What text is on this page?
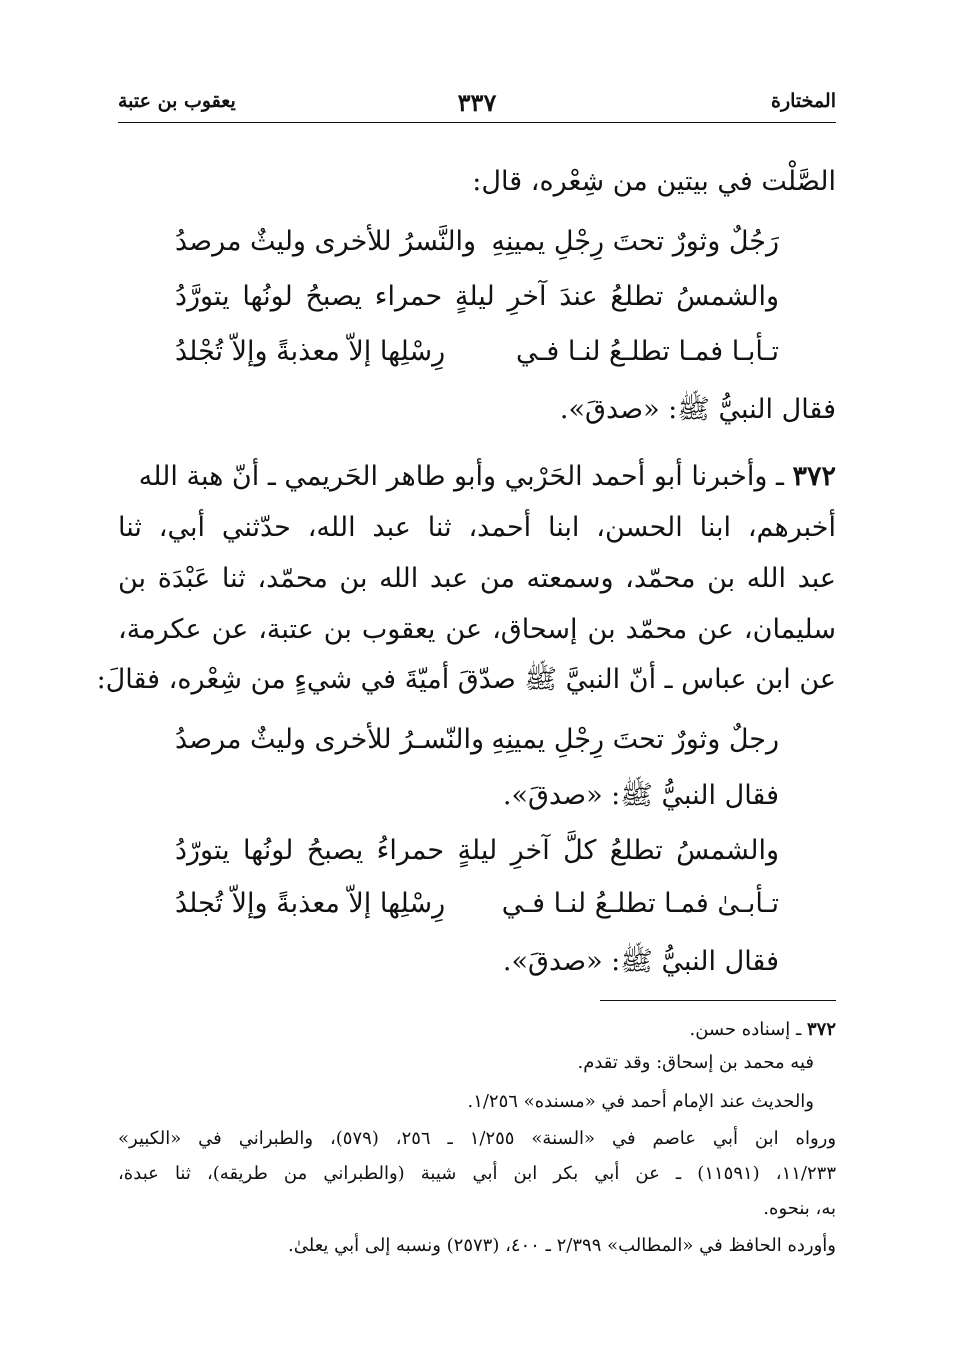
المختارة
٣٣٧
يعقوب بن عتبة
الصَّلْت في بيتين من شِعْره، قال:
رَجُلٌ وثورٌ تحتَ رِجْلِ يمينِهِ
والنَّسرُ للأخرى وليثٌ مرصدُ
والشمسُ تطلعُ عندَ آخرِ ليلةٍ حمراء يصبحُ لونُها يتورَّدُ
تـأبـا فمـا تطلـعُ لنـا فـي
رِسْلِها إلاّ معذبةً وإلاّ تُجْلدُ
فقال النبيُّ ﷺ: «صدقَ».
٣٧٢ ـ وأخبرنا أبو أحمد الحَرْبي وأبو طاهر الحَريمي ـ أنّ هبة الله
أخبرهم، ابنا الحسن، ابنا أحمد، ثنا عبد الله، حدّثني أبي، ثنا
عبد الله بن محمّد، وسمعته من عبد الله بن محمّد، ثنا عَبْدَة بن
سليمان، عن محمّد بن إسحاق، عن يعقوب بن عتبة، عن عكرمة،
عن ابن عباس ـ أنّ النبيَّ ﷺ صدّقَ أميّةَ في شيءٍ من شِعْره، فقالَ:
رجلٌ وثورٌ تحتَ رِجْلِ يمينِهِ
والنّسـرُ للأخرى وليثٌ مرصدُ
فقال النبيُّ ﷺ: «صدقَ».
والشمسُ تطلعُ كلَّ آخرِ ليلةٍ حمراءُ يصبحُ لونُها يتورّدُ
تـأبـىٰ فمـا تطلـعُ لنـا فـي
رِسْلِها إلاّ معذبةً وإلاّ تُجلدُ
فقال النبيُّ ﷺ: «صدقَ».
٣٧٢ ـ إسناده حسن.
فيه محمد بن إسحاق: وقد تقدم.
والحديث عند الإمام أحمد في «مسنده» ١/٢٥٦.
ورواه ابن أبي عاصم في «السنة» ١/٢٥٥ ـ ٢٥٦، (٥٧٩)، والطبراني في «الكبير»
١١/٢٣٣، (١١٥٩١) ـ عن أبي بكر ابن أبي شيبة (والطبراني من طريقه)، ثنا عبدة،
به، بنحوه.
وأورده الحافظ في «المطالب» ٢/٣٩٩ ـ ٤٠٠، (٢٥٧٣) ونسبه إلى أبي يعلىٰ.
